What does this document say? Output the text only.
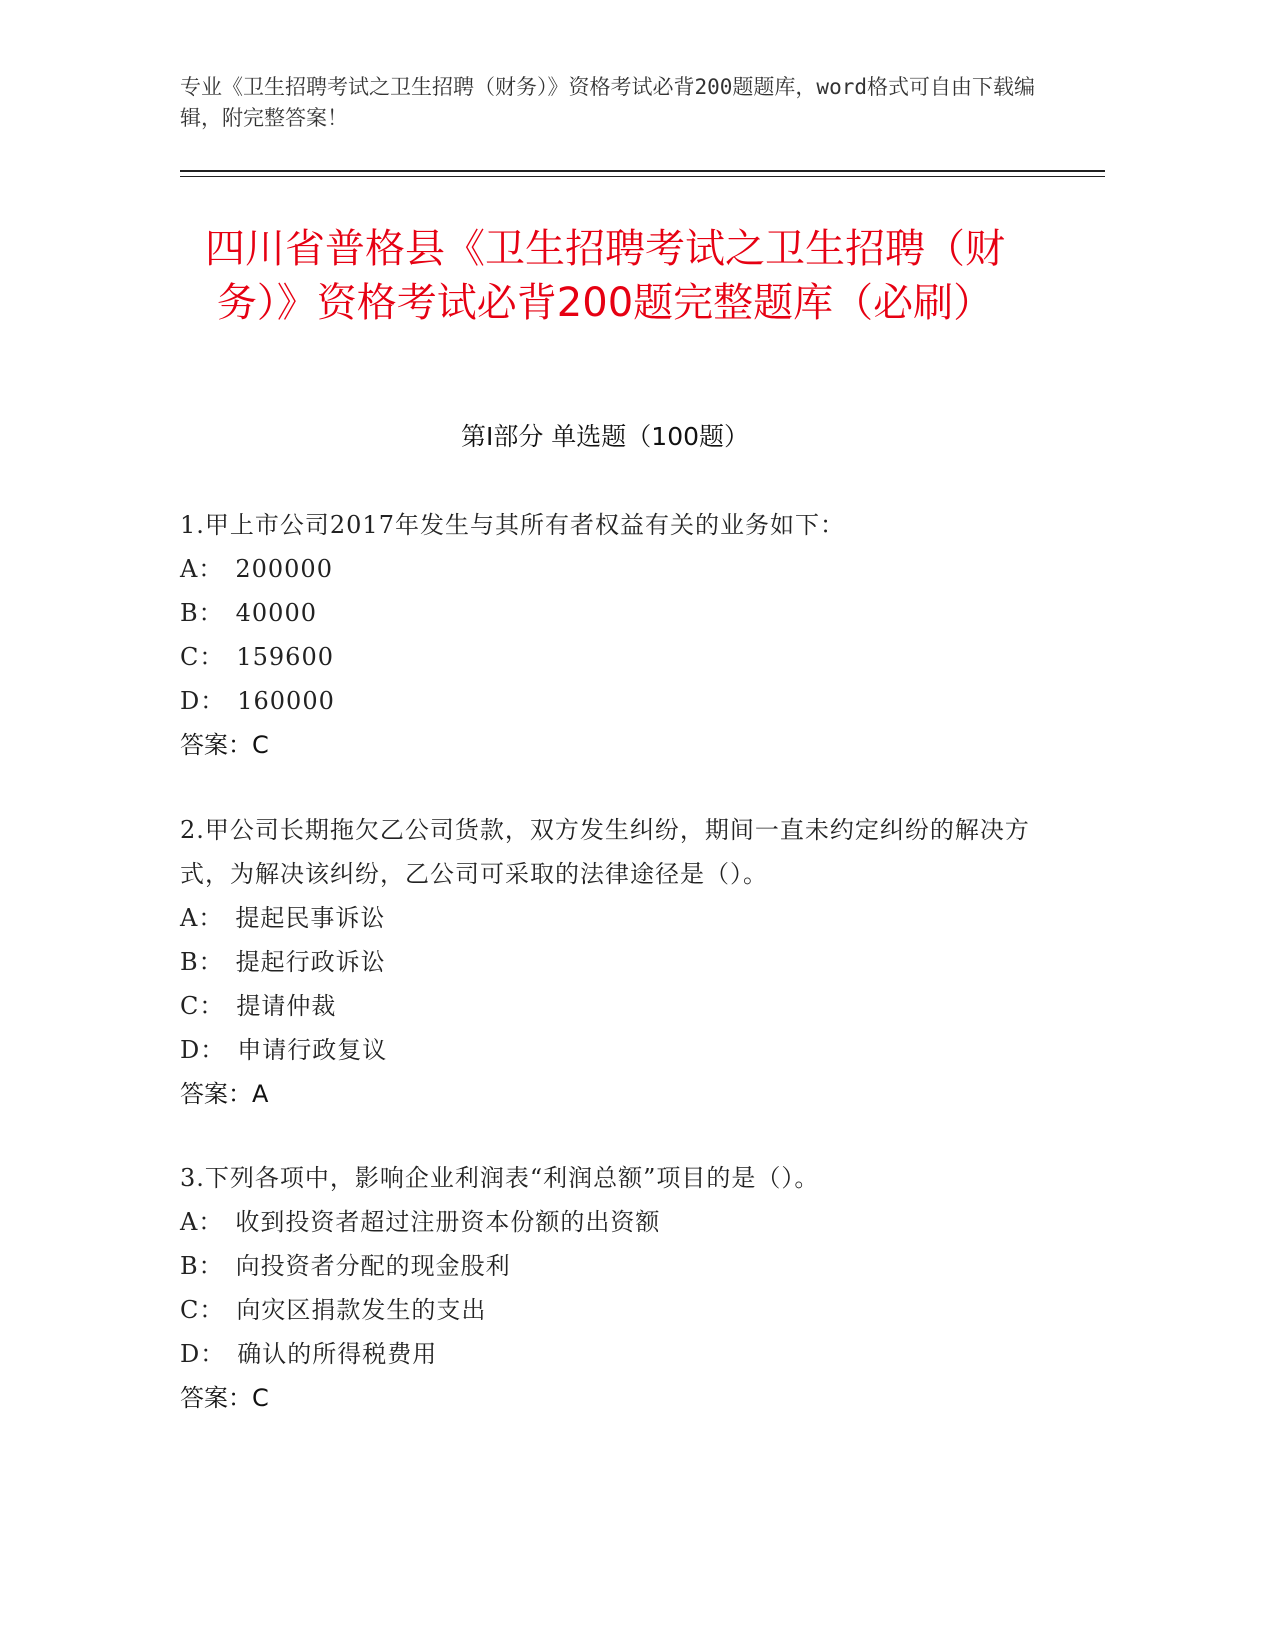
专业《卫生招聘考试之卫生招聘（财务）》资格考试必背200题题库，word格式可自由下载编辑，附完整答案！
四川省普格县《卫生招聘考试之卫生招聘（财务）》资格考试必背200题完整题库（必刷）
第I部分 单选题（100题）
1.甲上市公司2017年发生与其所有者权益有关的业务如下：
A： 200000
B： 40000
C： 159600
D： 160000
答案：C
2.甲公司长期拖欠乙公司货款，双方发生纠纷，期间一直未约定纠纷的解决方式，为解决该纠纷，乙公司可采取的法律途径是（）。
A： 提起民事诉讼
B： 提起行政诉讼
C： 提请仲裁
D： 申请行政复议
答案：A
3.下列各项中，影响企业利润表“利润总额”项目的是（）。
A： 收到投资者超过注册资本份额的出资额
B： 向投资者分配的现金股利
C： 向灾区捐款发生的支出
D： 确认的所得税费用
答案：C
